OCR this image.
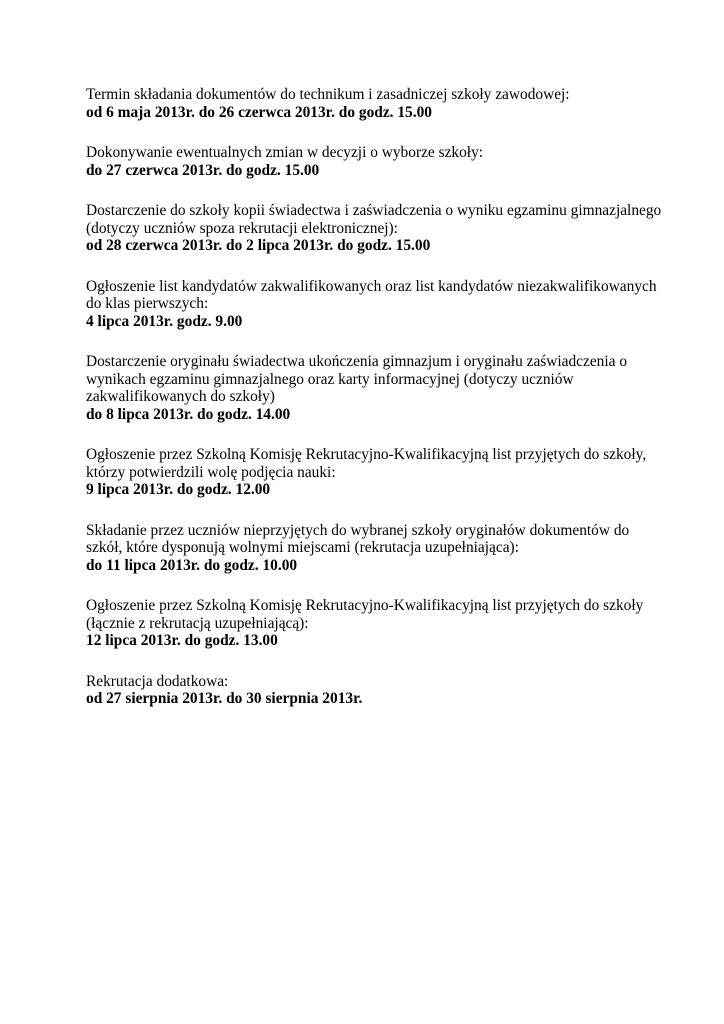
Termin składania dokumentów do technikum i zasadniczej szkoły zawodowej:
od 6 maja 2013r. do 26 czerwca 2013r. do godz. 15.00
Dokonywanie ewentualnych zmian w decyzji o wyborze szkoły:
do 27 czerwca 2013r. do godz. 15.00
Dostarczenie do szkoły kopii świadectwa i zaświadczenia o wyniku egzaminu gimnazjalnego
(dotyczy uczniów spoza rekrutacji elektronicznej):
od 28 czerwca 2013r. do 2 lipca 2013r. do godz. 15.00
Ogłoszenie list kandydatów zakwalifikowanych oraz list kandydatów niezakwalifikowanych
do klas pierwszych:
4 lipca 2013r. godz. 9.00
Dostarczenie oryginału świadectwa ukończenia gimnazjum i oryginału zaświadczenia o
wynikach egzaminu gimnazjalnego oraz karty informacyjnej (dotyczy uczniów
zakwalifikowanych do szkoły)
do 8 lipca 2013r. do godz. 14.00
Ogłoszenie przez Szkolną Komisję Rekrutacyjno-Kwalifikacyjną list przyjętych do szkoły,
którzy potwierdzili wolę podjęcia nauki:
9 lipca 2013r. do godz. 12.00
Składanie przez uczniów nieprzyjętych do wybranej szkoły oryginałów dokumentów do
szkół, które dysponują wolnymi miejscami (rekrutacja uzupełniająca):
do 11 lipca 2013r. do godz. 10.00
Ogłoszenie przez Szkolną Komisję Rekrutacyjno-Kwalifikacyjną list przyjętych do szkoły
(łącznie z rekrutacją uzupełniającą):
12 lipca 2013r. do godz. 13.00
Rekrutacja dodatkowa:
od 27 sierpnia 2013r. do 30 sierpnia 2013r.
